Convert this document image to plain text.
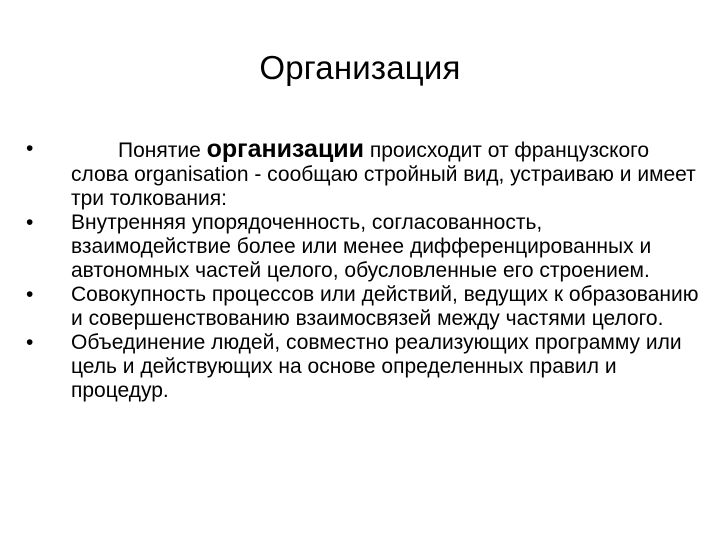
Организация
•	Понятие организации происходит от французского слова organisation - сообщаю стройный вид, устраиваю и имеет три толкования:
•	Внутренняя упорядоченность, согласованность, взаимодействие более или менее дифференцированных и автономных частей целого, обусловленные его строением.
•	Совокупность процессов или действий, ведущих к образованию и совершенствованию взаимосвязей между частями целого.
•	Объединение людей, совместно реализующих программу или цель и действующих на основе определенных правил и процедур.
